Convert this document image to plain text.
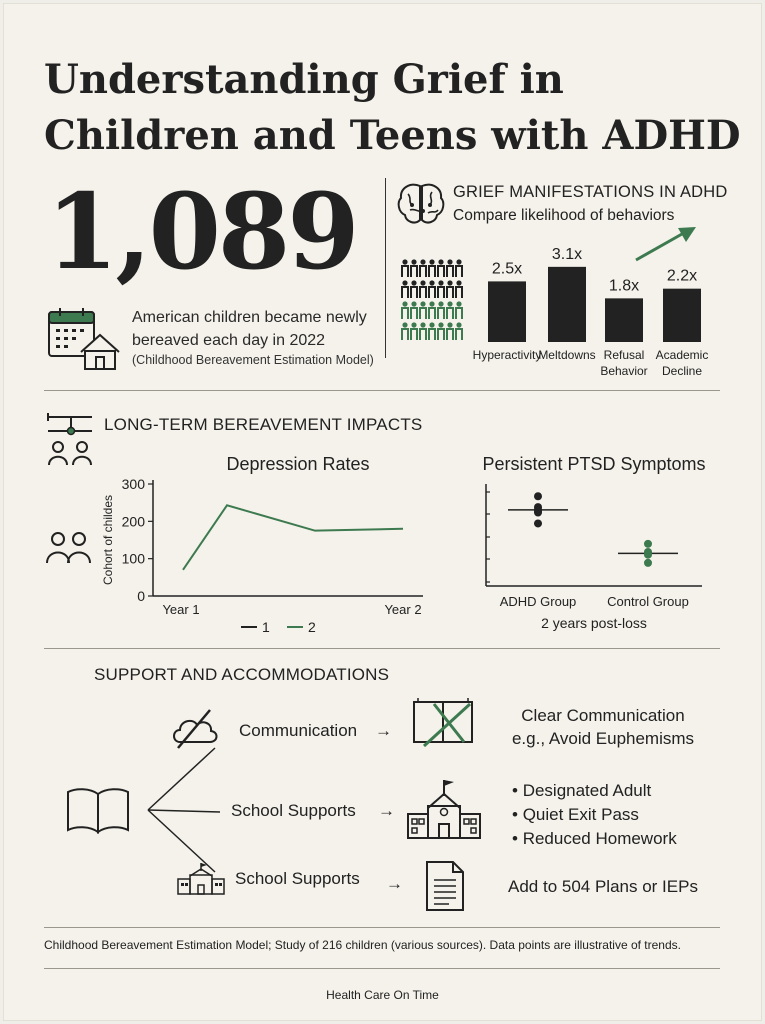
Understanding Grief in Children and Teens with ADHD
1,089
American children became newly
bereaved each day in 2022
(Childhood Bereavement Estimation Model)
GRIEF MANIFESTATIONS IN ADHD
Compare likelihood of behaviors
2.5x
Hyperactivity
3.1x
Meltdowns
1.8x
Refusal
Behavior
2.2x
Academic
Decline
LONG-TERM BEREAVEMENT IMPACTS
Depression Rates
0
100
200
300
Cohort of childes
Year 1	Year 2
1	2
Persistent PTSD Symptoms
ADHD Group Control Group
2 years post-loss
SUPPORT AND ACCOMMODATIONS
Communication →
Clear Communication
e.g., Avoid Euphemisms
School Supports →
• Designated Adult
• Quiet Exit Pass
• Reduced Homework
School Supports →	Add to 504 Plans or IEPs
Childhood Bereavement Estimation Model; Study of 216 children (various sources). Data points are illustrative of trends.
Health Care On Time
